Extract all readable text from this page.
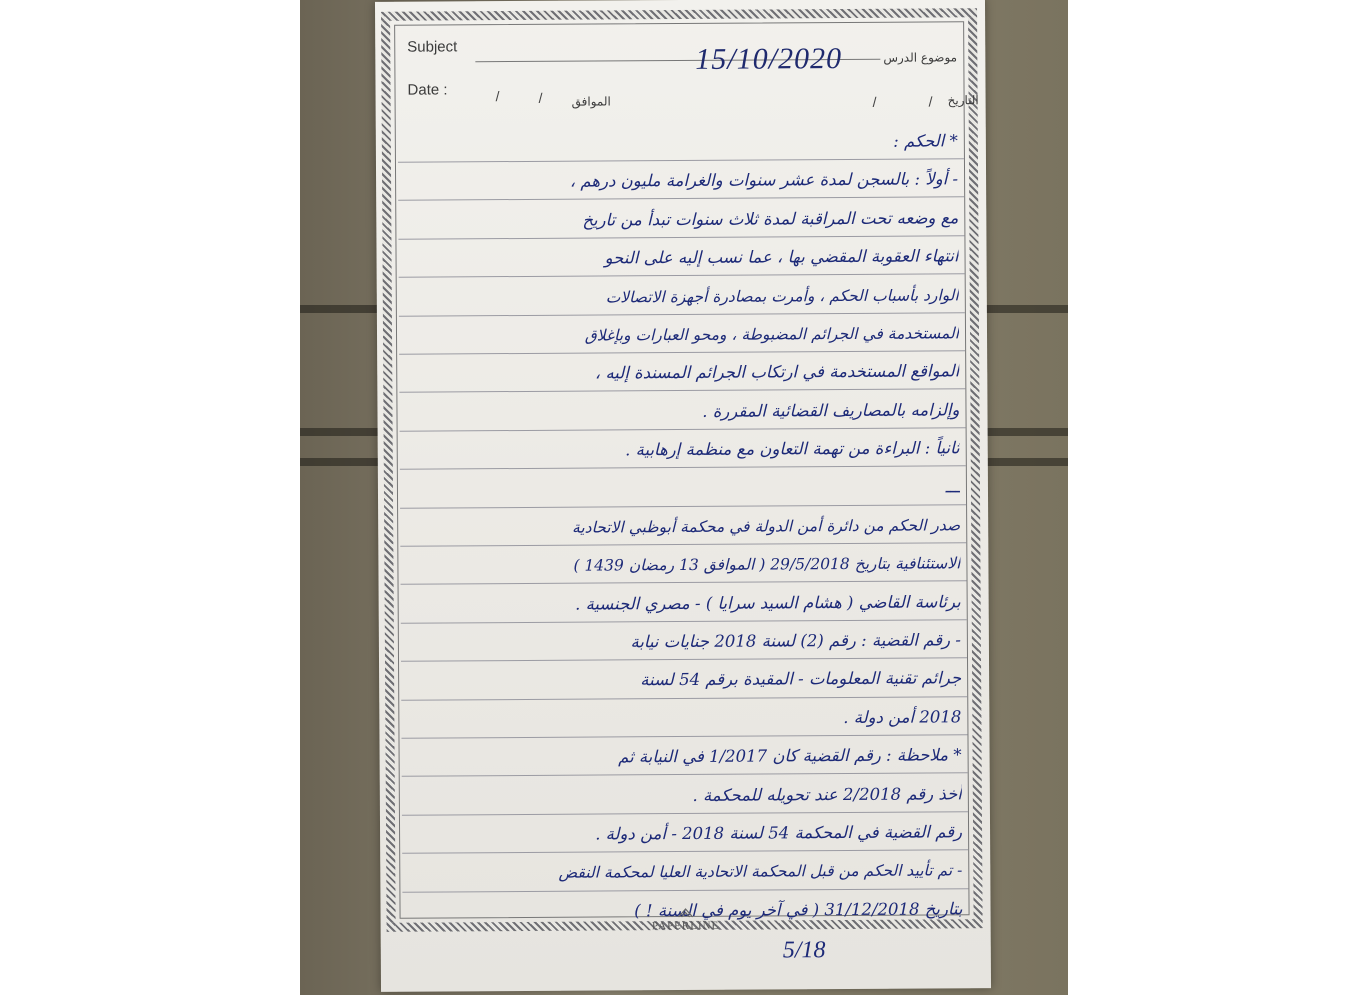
Subject
موضوع الدرس
15/10/2020
Date :	/	/ الموافق	/	/ التاريخ
* الحكم :
- أولاً : بالسجن لمدة عشر سنوات والغرامة مليون درهم ،
مع وضعه تحت المراقبة لمدة ثلاث سنوات تبدأ من تاريخ
انتهاء العقوبة المقضي بها ، عما نسب إليه على النحو
الوارد بأسباب الحكم ، وأمرت بمصادرة أجهزة الاتصالات
المستخدمة في الجرائم المضبوطة ، ومحو العبارات وبإغلاق
المواقع المستخدمة في ارتكاب الجرائم المسندة إليه ،
وإلزامه بالمصاريف القضائية المقررة .
ثانياً : البراءة من تهمة التعاون مع منظمة إرهابية .
ـــ
صدر الحكم من دائرة أمن الدولة في محكمة أبوظبي الاتحادية
الاستئنافية بتاريخ 29/5/2018 ( الموافق 13 رمضان 1439 )
برئاسة القاضي ( هشام السيد سرايا ) - مصري الجنسية .
- رقم القضية : رقم (2) لسنة 2018 جنايات نيابة
جرائم تقنية المعلومات - المقيدة برقم 54 لسنة
2018 أمن دولة .
* ملاحظة : رقم القضية كان 1/2017 في النيابة ثم
أخذ رقم 2/2018 عند تحويله للمحكمة .
رقم القضية في المحكمة 54 لسنة 2018 - أمن دولة .
- تم تأييد الحكم من قبل المحكمة الاتحادية العليا لمحكمة النقض
بتاريخ 31/12/2018 ( في آخر يوم في السنة ! )
PAPERLINE
5/18
